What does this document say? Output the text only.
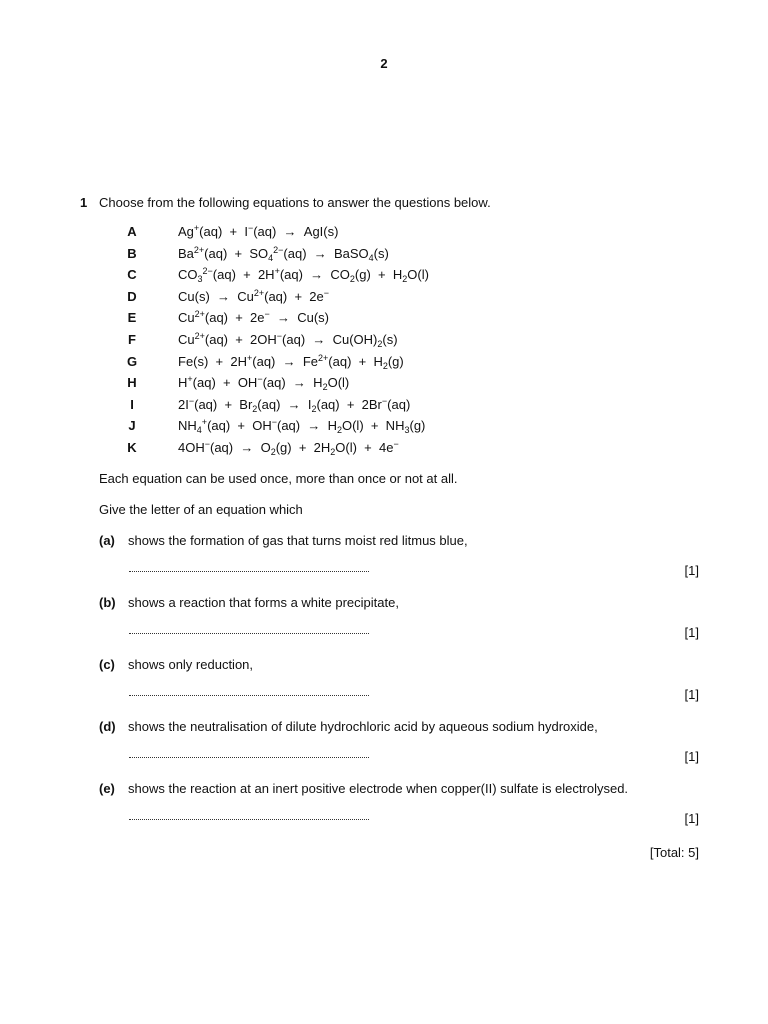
2
1 Choose from the following equations to answer the questions below.
A	Ag+(aq)  +  I−(aq)  →  AgI(s)
B	$Ba^{2+}(aq) + SO_4^{2-}(aq)$  →  BaSO$_4$(s)
C	$CO_3^{2-}(aq) + 2H^+(aq) \to CO_2(g) + H_2O(l)$
D	$Cu(s) \to Cu^{2+}(aq) + 2e^-$
E	$Cu^{2+}(aq) + 2e^- \to Cu(s)$
F	$Cu^{2+}(aq) + 2OH^-(aq) \to Cu(OH)_2(s)$
G	$Fe(s) + 2H^+(aq) \to Fe^{2+}(aq) + H_2(g)$
H	$H^+(aq) + OH^-(aq) \to H_2O(l)$
I	$2I^-(aq) + Br_2(aq) \to I_2(aq) + 2Br^-(aq)$
J	$NH_4^+(aq) + OH^-(aq) \to H_2O(l) + NH_3(g)$
K	$4OH^-(aq) \to O_2(g) + 2H_2O(l) + 4e^-$
Each equation can be used once, more than once or not at all.
Give the letter of an equation which
(a) shows the formation of gas that turns moist red litmus blue,
[1]
(b) shows a reaction that forms a white precipitate,
[1]
(c) shows only reduction,
[1]
(d) shows the neutralisation of dilute hydrochloric acid by aqueous sodium hydroxide,
[1]
(e) shows the reaction at an inert positive electrode when copper(II) sulfate is electrolysed.
[1]
[Total: 5]
